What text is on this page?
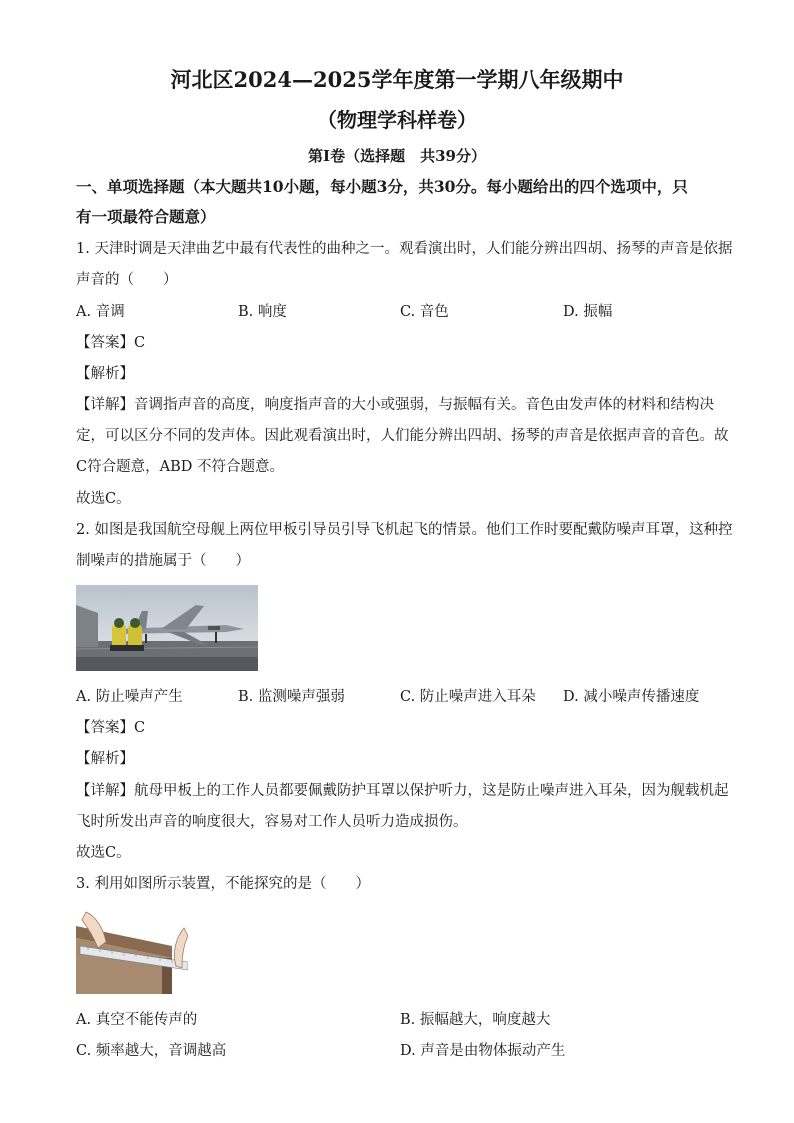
河北区2024—2025学年度第一学期八年级期中
（物理学科样卷）
第Ⅰ卷（选择题　共39分）
一、单项选择题（本大题共10小题，每小题3分，共30分。每小题给出的四个选项中，只
有一项最符合题意）
1. 天津时调是天津曲艺中最有代表性的曲种之一。观看演出时，人们能分辨出四胡、扬琴的声音是依据
声音的（　　）
A. 音调	B. 响度	C. 音色	D. 振幅
【答案】C
【解析】
【详解】音调指声音的高度，响度指声音的大小或强弱，与振幅有关。音色由发声体的材料和结构决
定，可以区分不同的发声体。因此观看演出时，人们能分辨出四胡、扬琴的声音是依据声音的音色。故
C符合题意，ABD 不符合题意。
故选C。
2. 如图是我国航空母舰上两位甲板引导员引导飞机起飞的情景。他们工作时要配戴防噪声耳罩，这种控
制噪声的措施属于（　　）
A. 防止噪声产生	B. 监测噪声强弱	C. 防止噪声进入耳朵 D. 减小噪声传播速度
【答案】C
【解析】
【详解】航母甲板上的工作人员都要佩戴防护耳罩以保护听力，这是防止噪声进入耳朵，因为舰载机起
飞时所发出声音的响度很大，容易对工作人员听力造成损伤。
故选C。
3. 利用如图所示装置，不能探究的是（　　）
A. 真空不能传声的	B. 振幅越大，响度越大
C. 频率越大，音调越高	D. 声音是由物体振动产生
